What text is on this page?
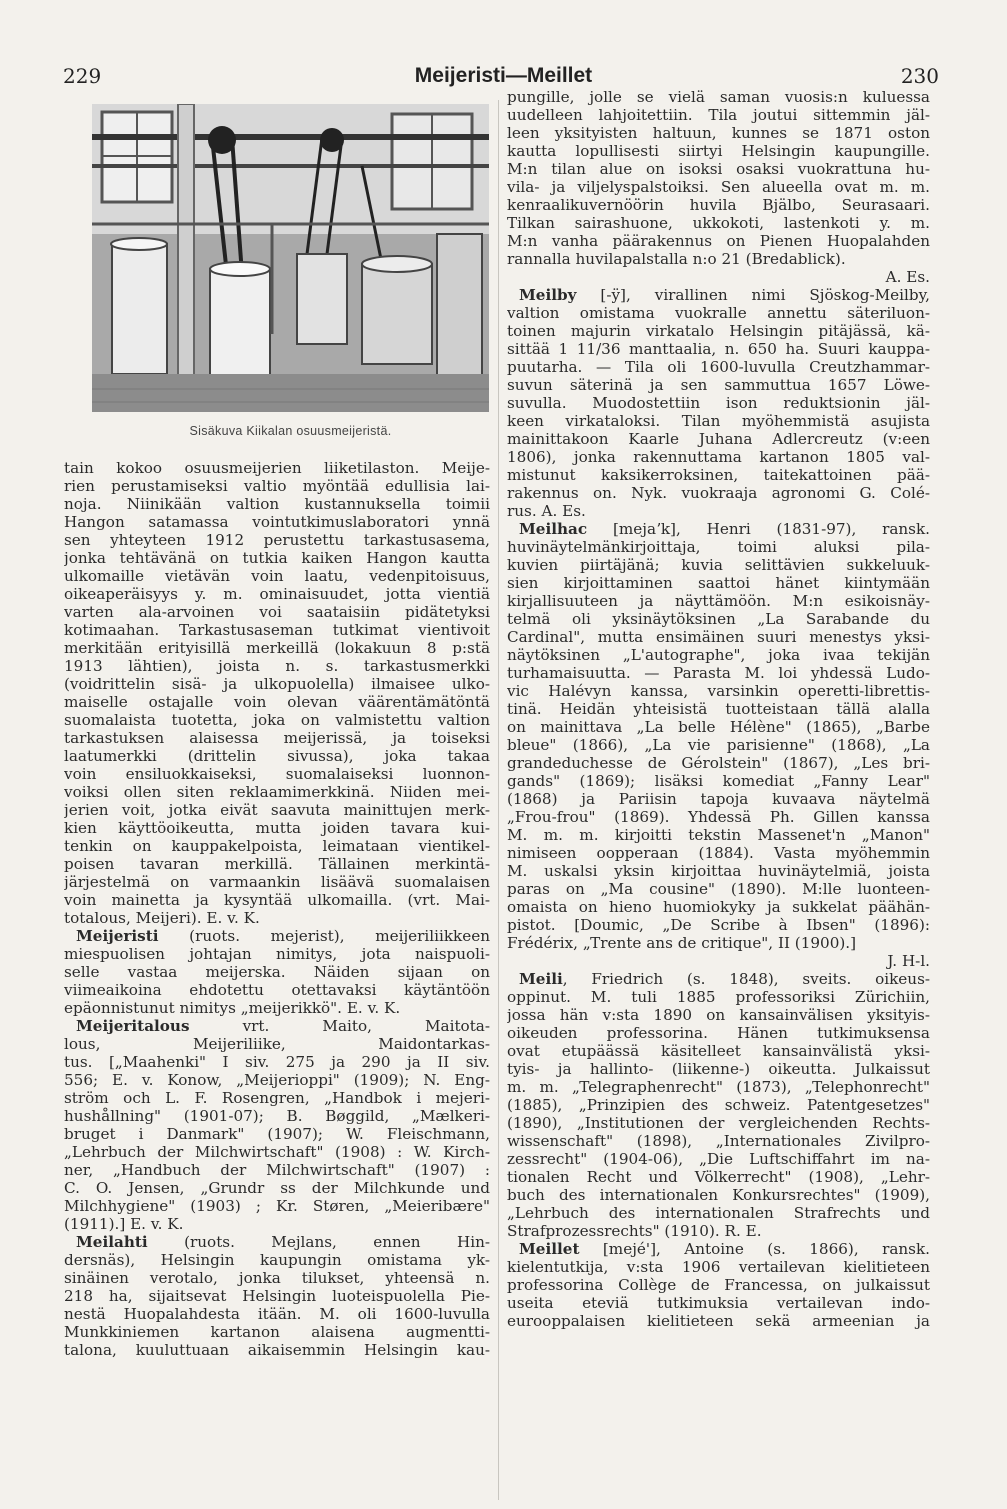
229	Meijeristi—Meillet	230
Sisäkuva Kiikalan osuusmeijeristä.
tain kokoo osuusmeijerien liiketilaston. Meije-
rien perustamiseksi valtio myöntää edullisia lai-
noja. Niinikään valtion kustannuksella toimii
Hangon satamassa vointutkimuslaboratori ynnä
sen yhteyteen 1912 perustettu tarkastusasema,
jonka tehtävänä on tutkia kaiken Hangon kautta
ulkomaille vietävän voin laatu, vedenpitoisuus,
oikeaperäisyys y. m. ominaisuudet, jotta vientiä
varten ala-arvoinen voi saataisiin pidätetyksi
kotimaahan. Tarkastusaseman tutkimat vientivoit
merkitään erityisillä merkeillä (lokakuun 8 p:stä
1913 lähtien), joista n. s. tarkastusmerkki
(voidrittelin sisä- ja ulkopuolella) ilmaisee ulko-
maiselle ostajalle voin olevan väärentämätöntä
suomalaista tuotetta, joka on valmistettu valtion
tarkastuksen alaisessa meijerissä, ja toiseksi
laatumerkki (drittelin sivussa), joka takaa
voin ensiluokkaiseksi, suomalaiseksi luonnon-
voiksi ollen siten reklaamimerkkinä. Niiden mei-
jerien voit, jotka eivät saavuta mainittujen merk-
kien käyttöoikeutta, mutta joiden tavara kui-
tenkin on kauppakelpoista, leimataan vientikel-
poisen tavaran merkillä. Tällainen merkintä-
järjestelmä on varmaankin lisäävä suomalaisen
voin mainetta ja kysyntää ulkomailla. (vrt. Mai-
totalous, Meijeri). E. v. K.
Meijeristi (ruots. mejerist), meijeriliikkeen
miespuolisen johtajan nimitys, jota naispuoli-
selle vastaa meijerska. Näiden sijaan on
viimeaikoina ehdotettu otettavaksi käytäntöön
epäonnistunut nimitys „meijerikkö". E. v. K.
Meijeritalous vrt. Maito, Maitota-
lous, Meijeriliike, Maidontarkas-
tus. [„Maahenki" I siv. 275 ja 290 ja II siv.
556; E. v. Konow, „Meijerioppi" (1909); N. Eng-
ström och L. F. Rosengren, „Handbok i mejeri-
hushållning" (1901-07); B. Bøggild, „Mælkeri-
bruget i Danmark" (1907); W. Fleischmann,
„Lehrbuch der Milchwirtschaft" (1908) : W. Kirch-
ner, „Handbuch der Milchwirtschaft" (1907) :
C. O. Jensen, „Grundr ss der Milchkunde und
Milchhygiene" (1903) ; Kr. Støren, „Meieribære"
(1911).] E. v. K.
Meilahti (ruots. Mejlans, ennen Hin-
dersnäs), Helsingin kaupungin omistama yk-
sinäinen verotalo, jonka tilukset, yhteensä n.
218 ha, sijaitsevat Helsingin luoteispuolella Pie-
nestä Huopalahdesta itään. M. oli 1600-luvulla
Munkkiniemen kartanon alaisena augmentti-
talona, kuuluttuaan aikaisemmin Helsingin kau-
pungille, jolle se vielä saman vuosis:n kuluessa
uudelleen lahjoitettiin. Tila joutui sittemmin jäl-
leen yksityisten haltuun, kunnes se 1871 oston
kautta lopullisesti siirtyi Helsingin kaupungille.
M:n tilan alue on isoksi osaksi vuokrattuna hu-
vila- ja viljelyspalstoiksi. Sen alueella ovat m. m.
kenraalikuvernöörin huvila Bjälbo, Seurasaari.
Tilkan sairashuone, ukkokoti, lastenkoti y. m.
M:n vanha päärakennus on Pienen Huopalahden
rannalla huvilapalstalla n:o 21 (Bredablick).
A. Es.
Meilby [-ÿ], virallinen nimi Sjöskog-Meilby,
valtion omistama vuokralle annettu säteriluon-
toinen majurin virkatalo Helsingin pitäjässä, kä-
sittää 1 11/36 manttaalia, n. 650 ha. Suuri kauppa-
puutarha. — Tila oli 1600-luvulla Creutzhammar-
suvun säterinä ja sen sammuttua 1657 Löwe-
suvulla. Muodostettiin ison reduktsionin jäl-
keen virkataloksi. Tilan myöhemmistä asujista
mainittakoon Kaarle Juhana Adlercreutz (v:een
1806), jonka rakennuttama kartanon 1805 val-
mistunut kaksikerroksinen, taitekattoinen pää-
rakennus on. Nyk. vuokraaja agronomi G. Colé-
rus. A. Es.
Meilhac [mejaʼk], Henri (1831-97), ransk.
huvinäytelmänkirjoittaja, toimi aluksi pila-
kuvien piirtäjänä; kuvia selittävien sukkeluuk-
sien kirjoittaminen saattoi hänet kiintymään
kirjallisuuteen ja näyttämöön. M:n esikoisnäy-
telmä oli yksinäytöksinen „La Sarabande du
Cardinal", mutta ensimäinen suuri menestys yksi-
näytöksinen „L'autographe", joka ivaa tekijän
turhamaisuutta. — Parasta M. loi yhdessä Ludo-
vic Halévyn kanssa, varsinkin operetti-librettis-
tinä. Heidän yhteisistä tuotteistaan tällä alalla
on mainittava „La belle Hélène" (1865), „Barbe
bleue" (1866), „La vie parisienne" (1868), „La
grandeduchesse de Gérolstein" (1867), „Les bri-
gands" (1869); lisäksi komediat „Fanny Lear"
(1868) ja Pariisin tapoja kuvaava näytelmä
„Frou-frou" (1869). Yhdessä Ph. Gillen kanssa
M. m. m. kirjoitti tekstin Massenet'n „Manon"
nimiseen oopperaan (1884). Vasta myöhemmin
M. uskalsi yksin kirjoittaa huvinäytelmiä, joista
paras on „Ma cousine" (1890). M:lle luonteen-
omaista on hieno huomiokyky ja sukkelat päähän-
pistot. [Doumic, „De Scribe à Ibsen" (1896):
Frédérix, „Trente ans de critique", II (1900).]
J. H-l.
Meili, Friedrich (s. 1848), sveits. oikeus-
oppinut. M. tuli 1885 professoriksi Zürichiin,
jossa hän v:sta 1890 on kansainvälisen yksityis-
oikeuden professorina. Hänen tutkimuksensa
ovat etupäässä käsitelleet kansainvälistä yksi-
tyis- ja hallinto- (liikenne-) oikeutta. Julkaissut
m. m. „Telegraphenrecht" (1873), „Telephonrecht"
(1885), „Prinzipien des schweiz. Patentgesetzes"
(1890), „Institutionen der vergleichenden Rechts-
wissenschaft" (1898), „Internationales Zivilpro-
zessrecht" (1904-06), „Die Luftschiffahrt im na-
tionalen Recht und Völkerrecht" (1908), „Lehr-
buch des internationalen Konkursrechtes" (1909),
„Lehrbuch des internationalen Strafrechts und
Strafprozessrechts" (1910). R. E.
Meillet [mejé'], Antoine (s. 1866), ransk.
kielentutkija, v:sta 1906 vertailevan kielitieteen
professorina Collège de Francessa, on julkaissut
useita eteviä tutkimuksia vertailevan indo-
eurooppalaisen kielitieteen sekä armeenian ja
